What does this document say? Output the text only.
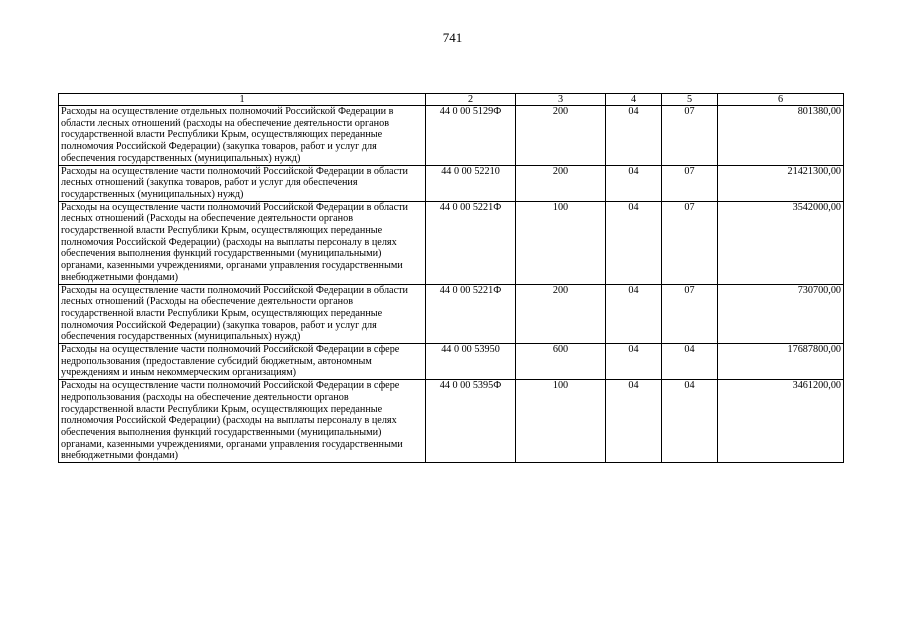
741
1	2	3	4	5	6
Расходы на осуществление отдельных полномочий Российской Федерации в области лесных отношений (расходы на обеспечение деятельности органов государственной власти Республики Крым, осуществляющих переданные полномочия Российской Федерации) (закупка товаров, работ и услуг для обеспечения государственных (муниципальных) нужд)	44 0 00 5129Ф	200	04	07	801380,00
Расходы на осуществление части полномочий Российской Федерации в области лесных отношений (закупка товаров, работ и услуг для обеспечения государственных (муниципальных) нужд)	44 0 00 52210	200	04	07	21421300,00
Расходы на осуществление части полномочий Российской Федерации в области лесных отношений (Расходы на обеспечение деятельности органов государственной власти Республики Крым, осуществляющих переданные полномочия Российской Федерации) (расходы на выплаты персоналу в целях обеспечения выполнения функций государственными (муниципальными) органами, казенными учреждениями, органами управления государственными внебюджетными фондами)	44 0 00 5221Ф	100	04	07	3542000,00
Расходы на осуществление части полномочий Российской Федерации в области лесных отношений (Расходы на обеспечение деятельности органов государственной власти Республики Крым, осуществляющих переданные полномочия Российской Федерации) (закупка товаров, работ и услуг для обеспечения государственных (муниципальных) нужд)	44 0 00 5221Ф	200	04	07	730700,00
Расходы на осуществление части полномочий Российской Федерации в сфере недропользования (предоставление субсидий бюджетным, автономным учреждениям и иным некоммерческим организациям)	44 0 00 53950	600	04	04	17687800,00
Расходы на осуществление части полномочий Российской Федерации в сфере недропользования (расходы на обеспечение деятельности органов государственной власти Республики Крым, осуществляющих переданные полномочия Российской Федерации) (расходы на выплаты персоналу в целях обеспечения выполнения функций государственными (муниципальными) органами, казенными учреждениями, органами управления государственными внебюджетными фондами)	44 0 00 5395Ф	100	04	04	3461200,00
